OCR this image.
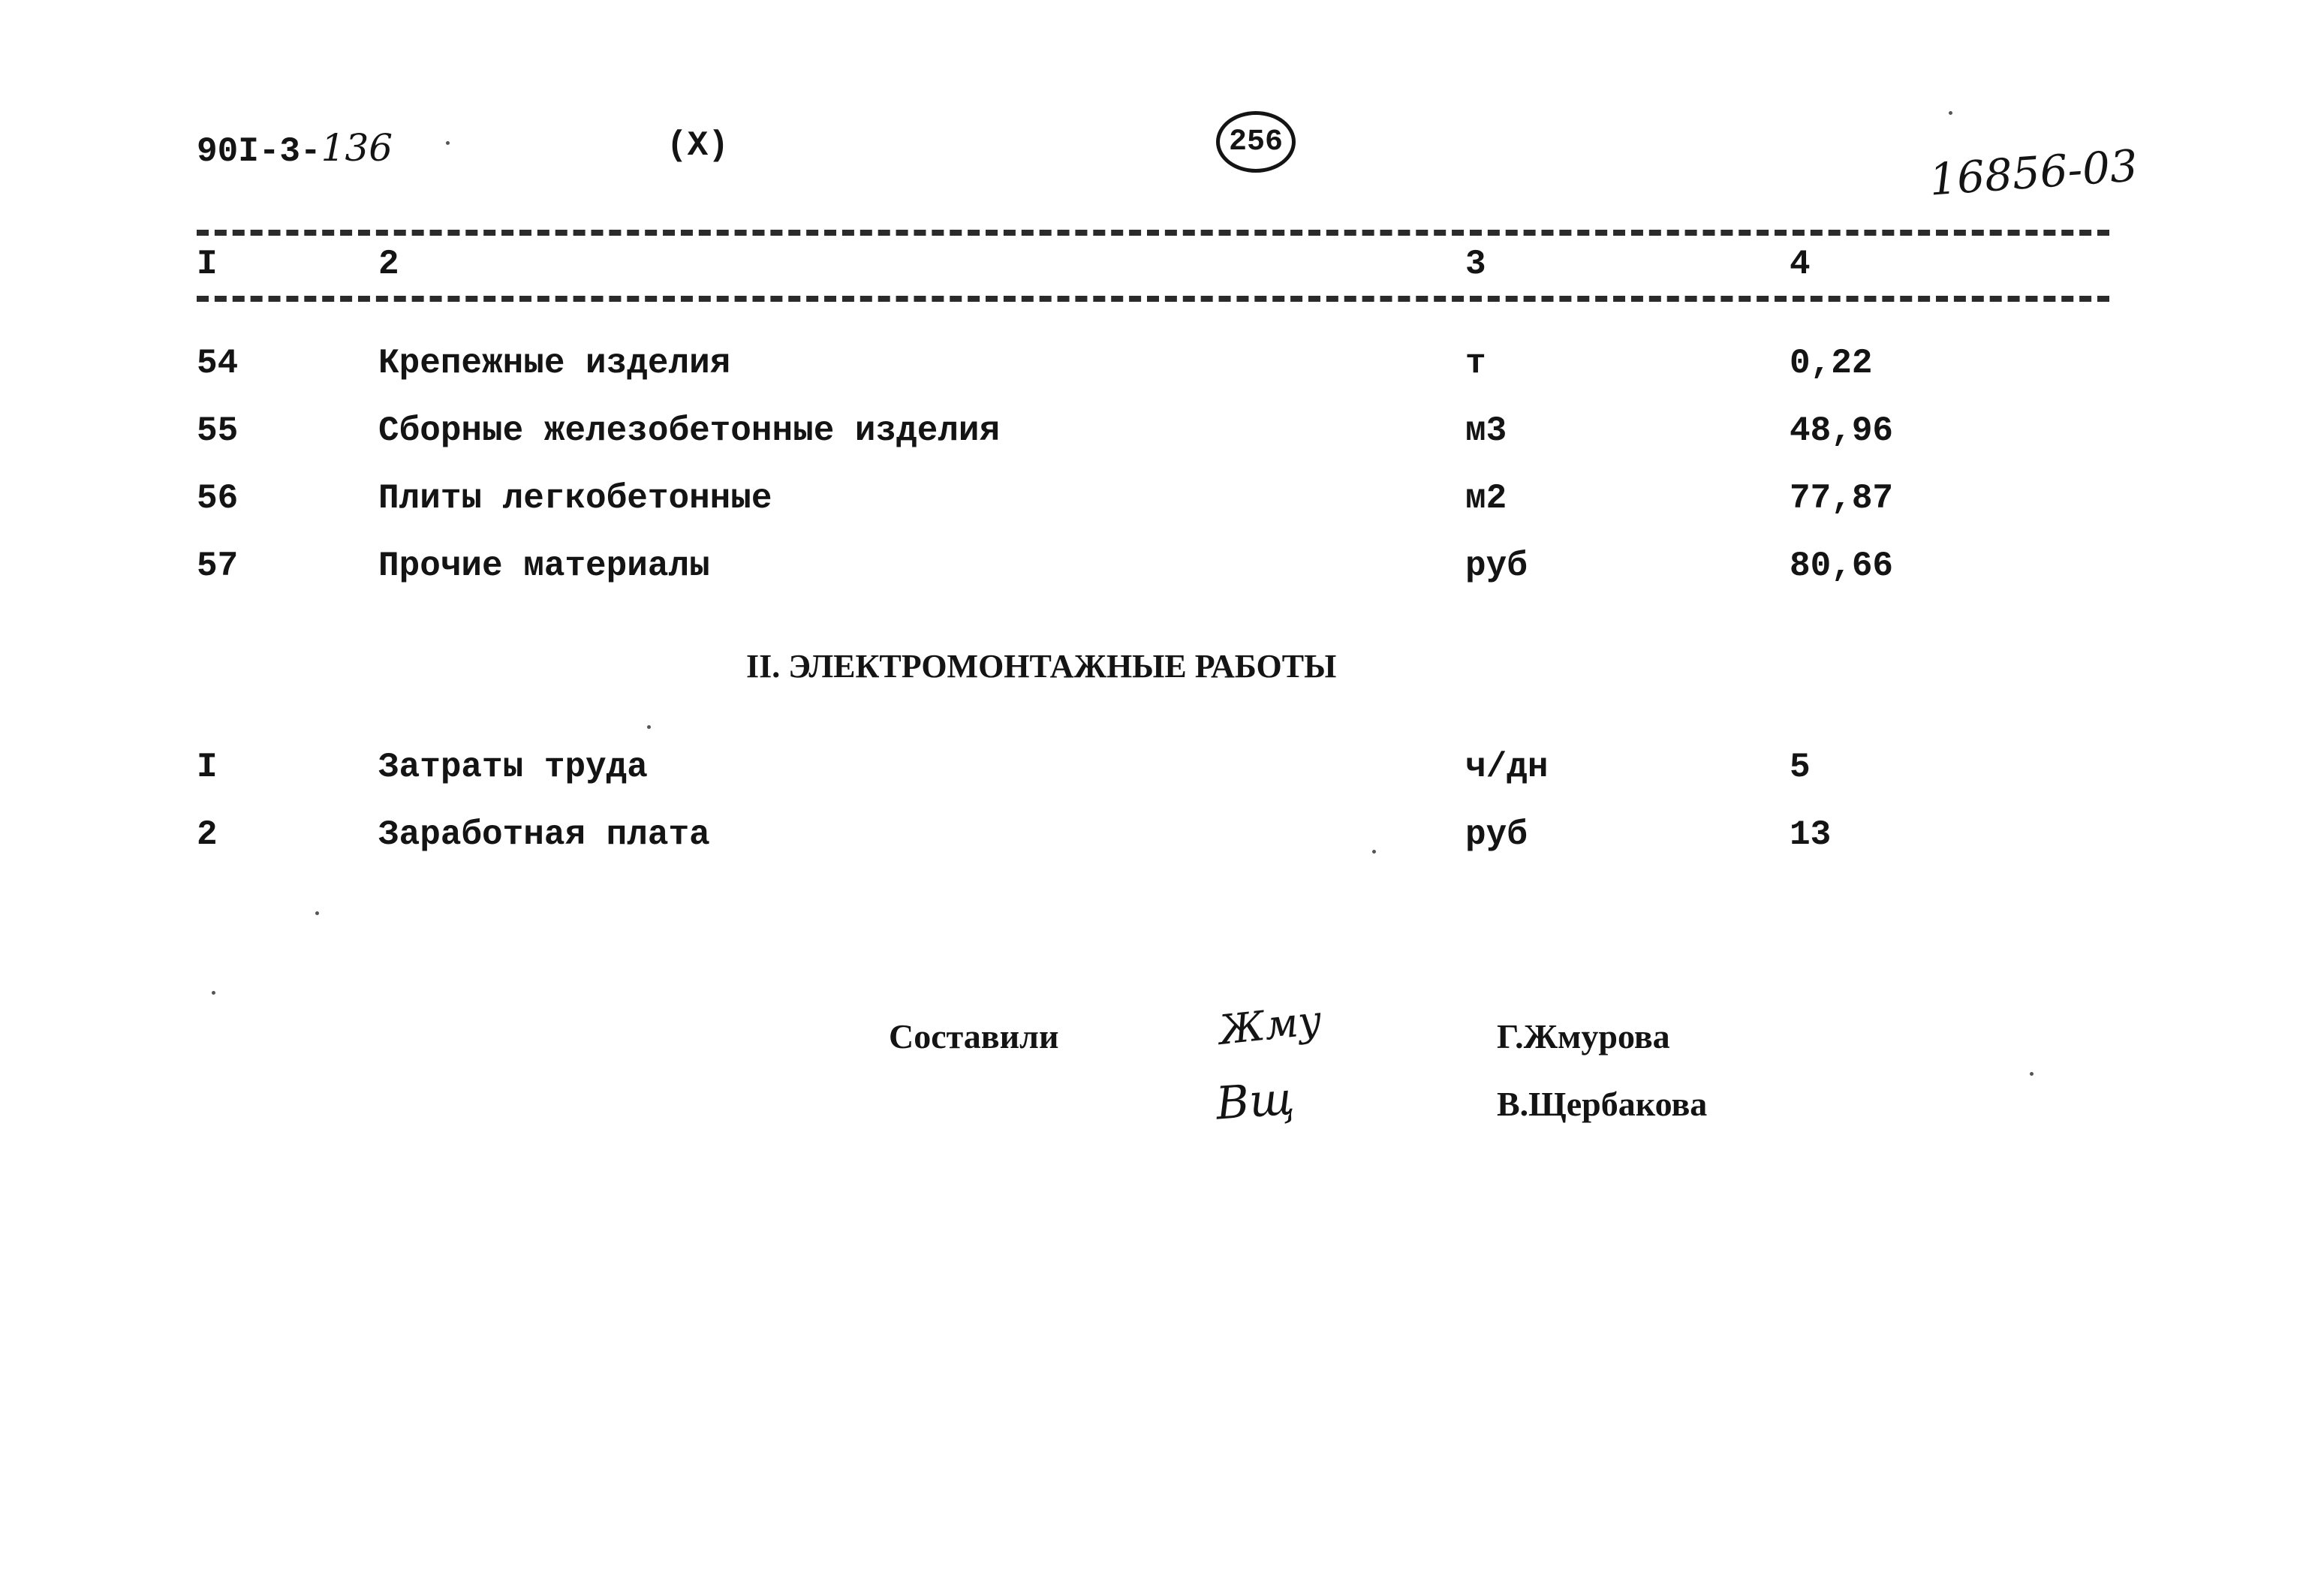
90I-3-136	(X)	256	16856-03
I	2	3	4
54	Крепежные изделия	т	0,22
55	Сборные железобетонные изделия	м3	48,96
56	Плиты легкобетонные	м2	77,87
57	Прочие материалы	руб	80,66
II. ЭЛЕКТРОМОНТАЖНЫЕ РАБОТЫ
I	Затраты труда	ч/дн	5
2	Заработная плата	руб	13
Составили	Жму	Г.Жмурова
Вщ	В.Щербакова
